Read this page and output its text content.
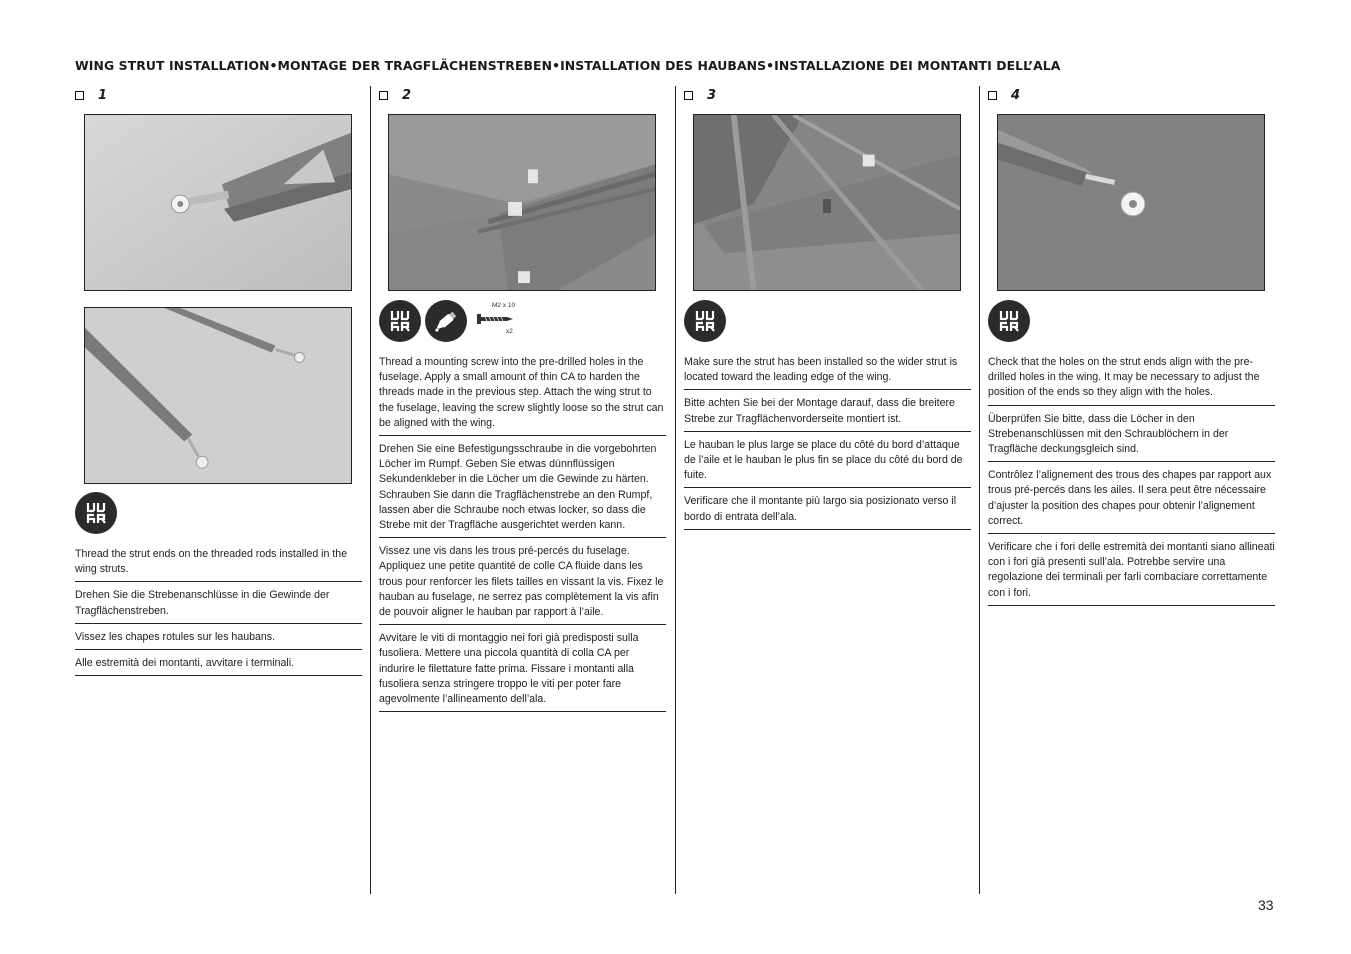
WING STRUT INSTALLATION•MONTAGE DER TRAGFLÄCHENSTREBEN•INSTALLATION DES HAUBANS•INSTALLAZIONE DEI MONTANTI DELL’ALA
1

Thread the strut ends on the threaded rods installed in the wing struts.

Drehen Sie die Strebenanschlüsse in die Gewinde der Tragflächenstreben.

Vissez les chapes rotules sur les haubans.

Alle estremità dei montanti, avvitare i terminali.

2
M2 x 10
x2

Thread a mounting screw into the pre-drilled holes in the fuselage. Apply a small amount of thin CA to harden the threads made in the previous step. Attach the wing strut to the fuselage, leaving the screw slightly loose so the strut can be aligned with the wing.

Drehen Sie eine Befestigungsschraube in die vorgebohrten Löcher im Rumpf. Geben Sie etwas dünnflüssigen Sekundenkleber in die Löcher um die Gewinde zu härten. Schrauben Sie dann die Tragflächenstrebe an den Rumpf, lassen aber die Schraube noch etwas locker, so dass die Strebe mit der Tragfläche ausgerichtet werden kann.

Vissez une vis dans les trous pré-percés du fuselage. Appliquez une petite quantité de colle CA fluide dans les trous pour renforcer les filets tailles en vissant la vis. Fixez le hauban au fuselage, ne serrez pas complètement la vis afin de pouvoir aligner le hauban par rapport à l’aile.

Avvitare le viti di montaggio nei fori già predisposti sulla fusoliera. Mettere una piccola quantità di colla CA per indurire le filettature fatte prima. Fissare i montanti alla fusoliera senza stringere troppo le viti per poter fare agevolmente l’allineamento dell’ala.

3

Make sure the strut has been installed so the wider strut is located toward the leading edge of the wing.

Bitte achten Sie bei der Montage darauf, dass die breitere Strebe zur Tragflächenvorderseite montiert ist.

Le hauban le plus large se place du côté du bord d’attaque de l’aile et le hauban le plus fin se place du côté du bord de fuite.

Verificare che il montante più largo sia posizionato verso il bordo di entrata dell’ala.

4

Check that the holes on the strut ends align with the pre-drilled holes in the wing. It may be necessary to adjust the position of the ends so they align with the holes.

Überprüfen Sie bitte, dass die Löcher in den Strebenanschlüssen mit den Schraublöchern in der Tragfläche deckungsgleich sind.

Contrôlez l’alignement des trous des chapes par rapport aux trous pré-percés dans les ailes. Il sera peut être nécessaire d’ajuster la position des chapes pour obtenir l’alignement correct.

Verificare che i fori delle estremità dei montanti siano allineati con i fori già presenti sull’ala. Potrebbe servire una regolazione dei terminali per farli combaciare correttamente con i fori.

33
